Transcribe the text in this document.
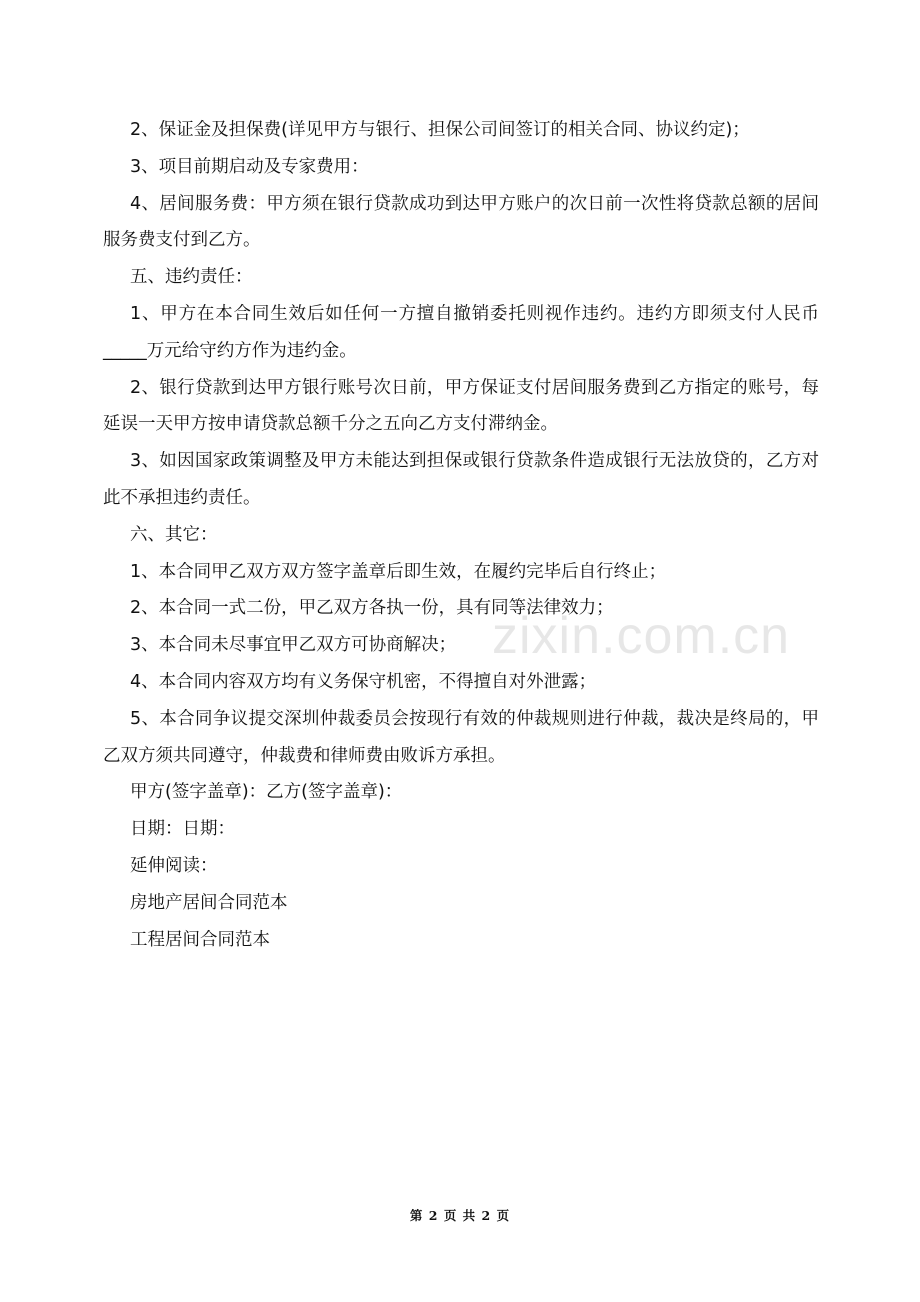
2、保证金及担保费(详见甲方与银行、担保公司间签订的相关合同、协议约定)；

3、项目前期启动及专家费用：

4、居间服务费：甲方须在银行贷款成功到达甲方账户的次日前一次性将贷款总额的居间服务费支付到乙方。

五、违约责任：

1、甲方在本合同生效后如任何一方擅自撤销委托则视作违约。违约方即须支付人民币_____万元给守约方作为违约金。

2、银行贷款到达甲方银行账号次日前，甲方保证支付居间服务费到乙方指定的账号，每延误一天甲方按申请贷款总额千分之五向乙方支付滞纳金。

3、如因国家政策调整及甲方未能达到担保或银行贷款条件造成银行无法放贷的，乙方对此不承担违约责任。

六、其它：

1、本合同甲乙双方双方签字盖章后即生效，在履约完毕后自行终止；

2、本合同一式二份，甲乙双方各执一份，具有同等法律效力；

3、本合同未尽事宜甲乙双方可协商解决；

4、本合同内容双方均有义务保守机密，不得擅自对外泄露；

5、本合同争议提交深圳仲裁委员会按现行有效的仲裁规则进行仲裁，裁决是终局的，甲乙双方须共同遵守，仲裁费和律师费由败诉方承担。

甲方(签字盖章)：乙方(签字盖章)：

日期：日期：

延伸阅读：

房地产居间合同范本

工程居间合同范本

zixin.com.cn
第 2 页 共 2 页
